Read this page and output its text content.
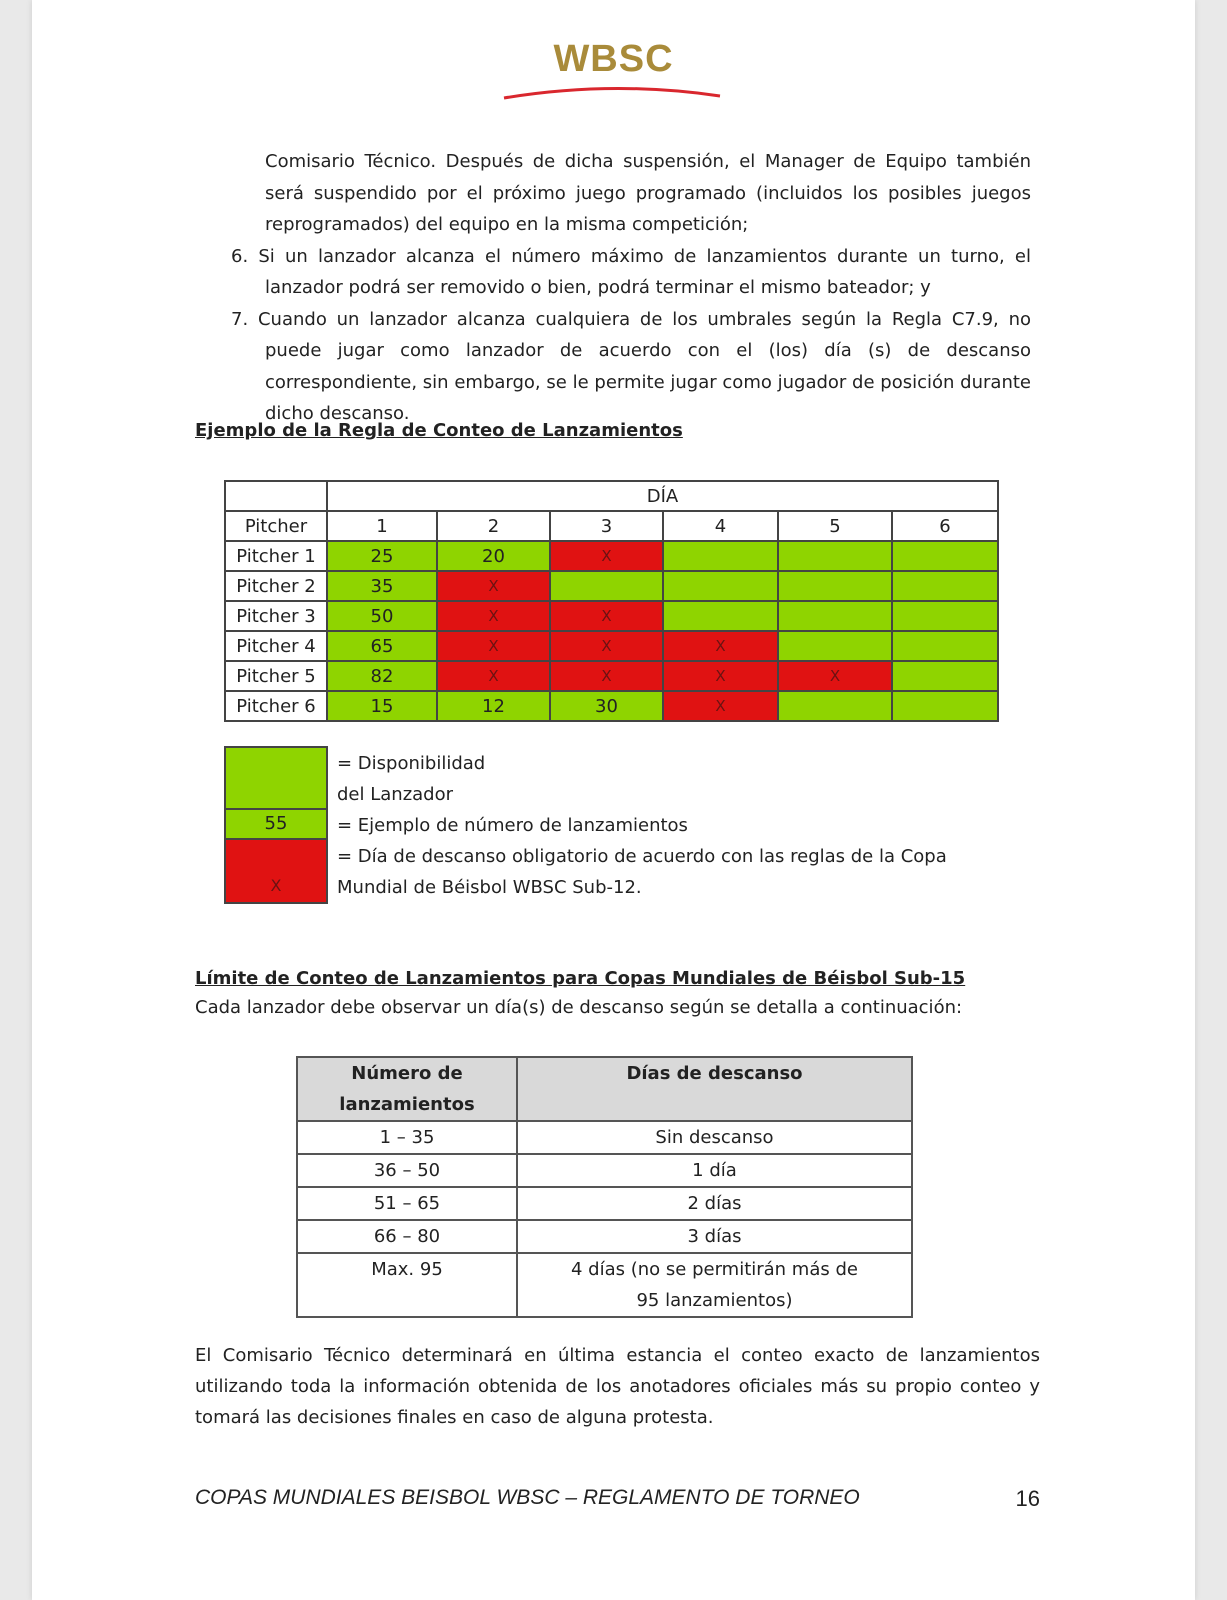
WBSC

Comisario Técnico. Después de dicha suspensión, el Manager de Equipo también será suspendido por el próximo juego programado (incluidos los posibles juegos reprogramados) del equipo en la misma competición;

6. Si un lanzador alcanza el número máximo de lanzamientos durante un turno, el lanzador podrá ser removido o bien, podrá terminar el mismo bateador; y

7. Cuando un lanzador alcanza cualquiera de los umbrales según la Regla C7.9, no puede jugar como lanzador de acuerdo con el (los) día (s) de descanso correspondiente, sin embargo, se le permite jugar como jugador de posición durante dicho descanso.

Ejemplo de la Regla de Conteo de Lanzamientos
	DÍA					
Pitcher	1	2	3	4	5	6
Pitcher 1	25	20	X			
Pitcher 2	35	X				
Pitcher 3	50	X	X			
Pitcher 4	65	X	X	X		
Pitcher 5	82	X	X	X	X	
Pitcher 6	15	12	30	X		
55
X
= Disponibilidad del Lanzador
= Ejemplo de número de lanzamientos
= Día de descanso obligatorio de acuerdo con las reglas de la Copa Mundial de Béisbol WBSC Sub-12.
Límite de Conteo de Lanzamientos para Copas Mundiales de Béisbol Sub-15
Cada lanzador debe observar un día(s) de descanso según se detalla a continuación:
Número de lanzamientos	Días de descanso
1 – 35	Sin descanso
36 – 50	1 día
51 – 65	2 días
66 – 80	3 días
Max. 95	4 días (no se permitirán más de 95 lanzamientos)

El Comisario Técnico determinará en última estancia el conteo exacto de lanzamientos utilizando toda la información obtenida de los anotadores oficiales más su propio conteo y tomará las decisiones finales en caso de alguna protesta.

COPAS MUNDIALES BEISBOL WBSC – REGLAMENTO DE TORNEO	16
